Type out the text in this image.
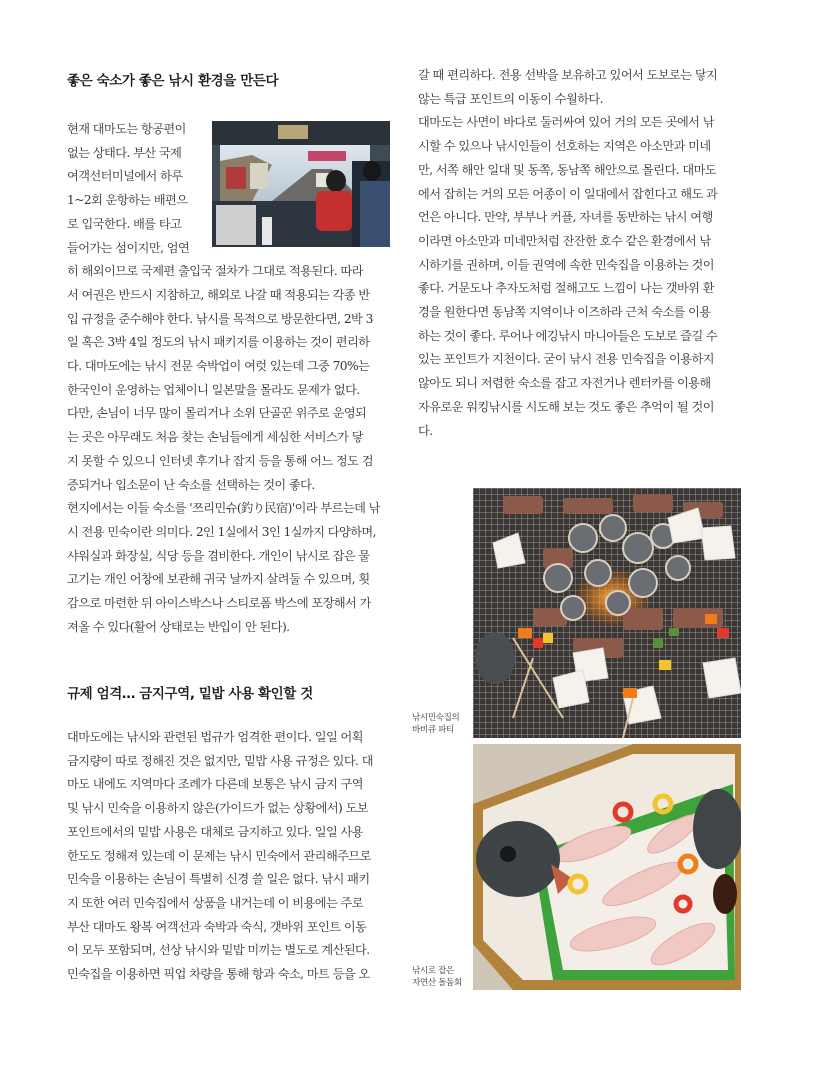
좋은 숙소가 좋은 낚시 환경을 만든다
현재 대마도는 항공편이
없는 상태다. 부산 국제
여객선터미널에서 하루
1~2회 운항하는 배편으
로 입국한다. 배를 타고
들어가는 섬이지만, 엄연
히 해외이므로 국제편 출입국 절차가 그대로 적용된다. 따라
서 여권은 반드시 지참하고, 해외로 나갈 때 적용되는 각종 반
입 규정을 준수해야 한다. 낚시를 목적으로 방문한다면, 2박 3
일 혹은 3박 4일 정도의 낚시 패키지를 이용하는 것이 편리하
다. 대마도에는 낚시 전문 숙박업이 여럿 있는데 그중 70%는
한국인이 운영하는 업체이니 일본말을 몰라도 문제가 없다.
다만, 손님이 너무 많이 몰리거나 소위 단골꾼 위주로 운영되
는 곳은 아무래도 처음 찾는 손님들에게 세심한 서비스가 닿
지 못할 수 있으니 인터넷 후기나 잡지 등을 통해 어느 정도 검
증되거나 입소문이 난 숙소를 선택하는 것이 좋다.
현지에서는 이들 숙소를 '쯔리민슈(釣り民宿)'이라 부르는데 낚
시 전용 민숙이란 의미다. 2인 1실에서 3인 1실까지 다양하며,
샤워실과 화장실, 식당 등을 겸비한다. 개인이 낚시로 잡은 물
고기는 개인 어창에 보관해 귀국 날까지 살려둘 수 있으며, 횟
감으로 마련한 뒤 아이스박스나 스티로폼 박스에 포장해서 가
져올 수 있다(활어 상태로는 반입이 안 된다).
규제 엄격… 금지구역, 밑밥 사용 확인할 것
대마도에는 낚시와 관련된 법규가 엄격한 편이다. 일일 어획
금지량이 따로 정해진 것은 없지만, 밑밥 사용 규정은 있다. 대
마도 내에도 지역마다 조례가 다른데 보통은 낚시 금지 구역
및 낚시 민숙을 이용하지 않은(가이드가 없는 상황에서) 도보
포인트에서의 밑밥 사용은 대체로 금지하고 있다. 일일 사용
한도도 정해져 있는데 이 문제는 낚시 민숙에서 관리해주므로
민숙을 이용하는 손님이 특별히 신경 쓸 일은 없다. 낚시 패키
지 또한 여러 민숙집에서 상품을 내거는데 이 비용에는 주로
부산 대마도 왕복 여객선과 숙박과 숙식, 갯바위 포인트 이동
이 모두 포함되며, 선상 낚시와 밑밥 미끼는 별도로 계산된다.
민숙집을 이용하면 픽업 차량을 통해 항과 숙소, 마트 등을 오
갈 때 편리하다. 전용 선박을 보유하고 있어서 도보로는 닿지
않는 특급 포인트의 이동이 수월하다.
대마도는 사면이 바다로 둘러싸여 있어 거의 모든 곳에서 낚
시할 수 있으나 낚시인들이 선호하는 지역은 아소만과 미네
만, 서쪽 해안 일대 및 동쪽, 동남쪽 해안으로 몰린다. 대마도
에서 잡히는 거의 모든 어종이 이 일대에서 잡힌다고 해도 과
언은 아니다. 만약, 부부나 커플, 자녀를 동반하는 낚시 여행
이라면 아소만과 미네만처럼 잔잔한 호수 같은 환경에서 낚
시하기를 권하며, 이들 권역에 속한 민숙집을 이용하는 것이
좋다. 거문도나 추자도처럼 절해고도 느낌이 나는 갯바위 환
경을 원한다면 동남쪽 지역이나 이즈하라 근처 숙소를 이용
하는 것이 좋다. 루어나 에깅낚시 마니아들은 도보로 즐길 수
있는 포인트가 지천이다. 굳이 낚시 전용 민숙집을 이용하지
않아도 되니 저렴한 숙소를 잡고 자전거나 렌터카를 이용해
자유로운 워킹낚시를 시도해 보는 것도 좋은 추억이 될 것이
다.
낚시민숙집의
바비큐 파티
낚시로 잡은
자연산 돌돔회
